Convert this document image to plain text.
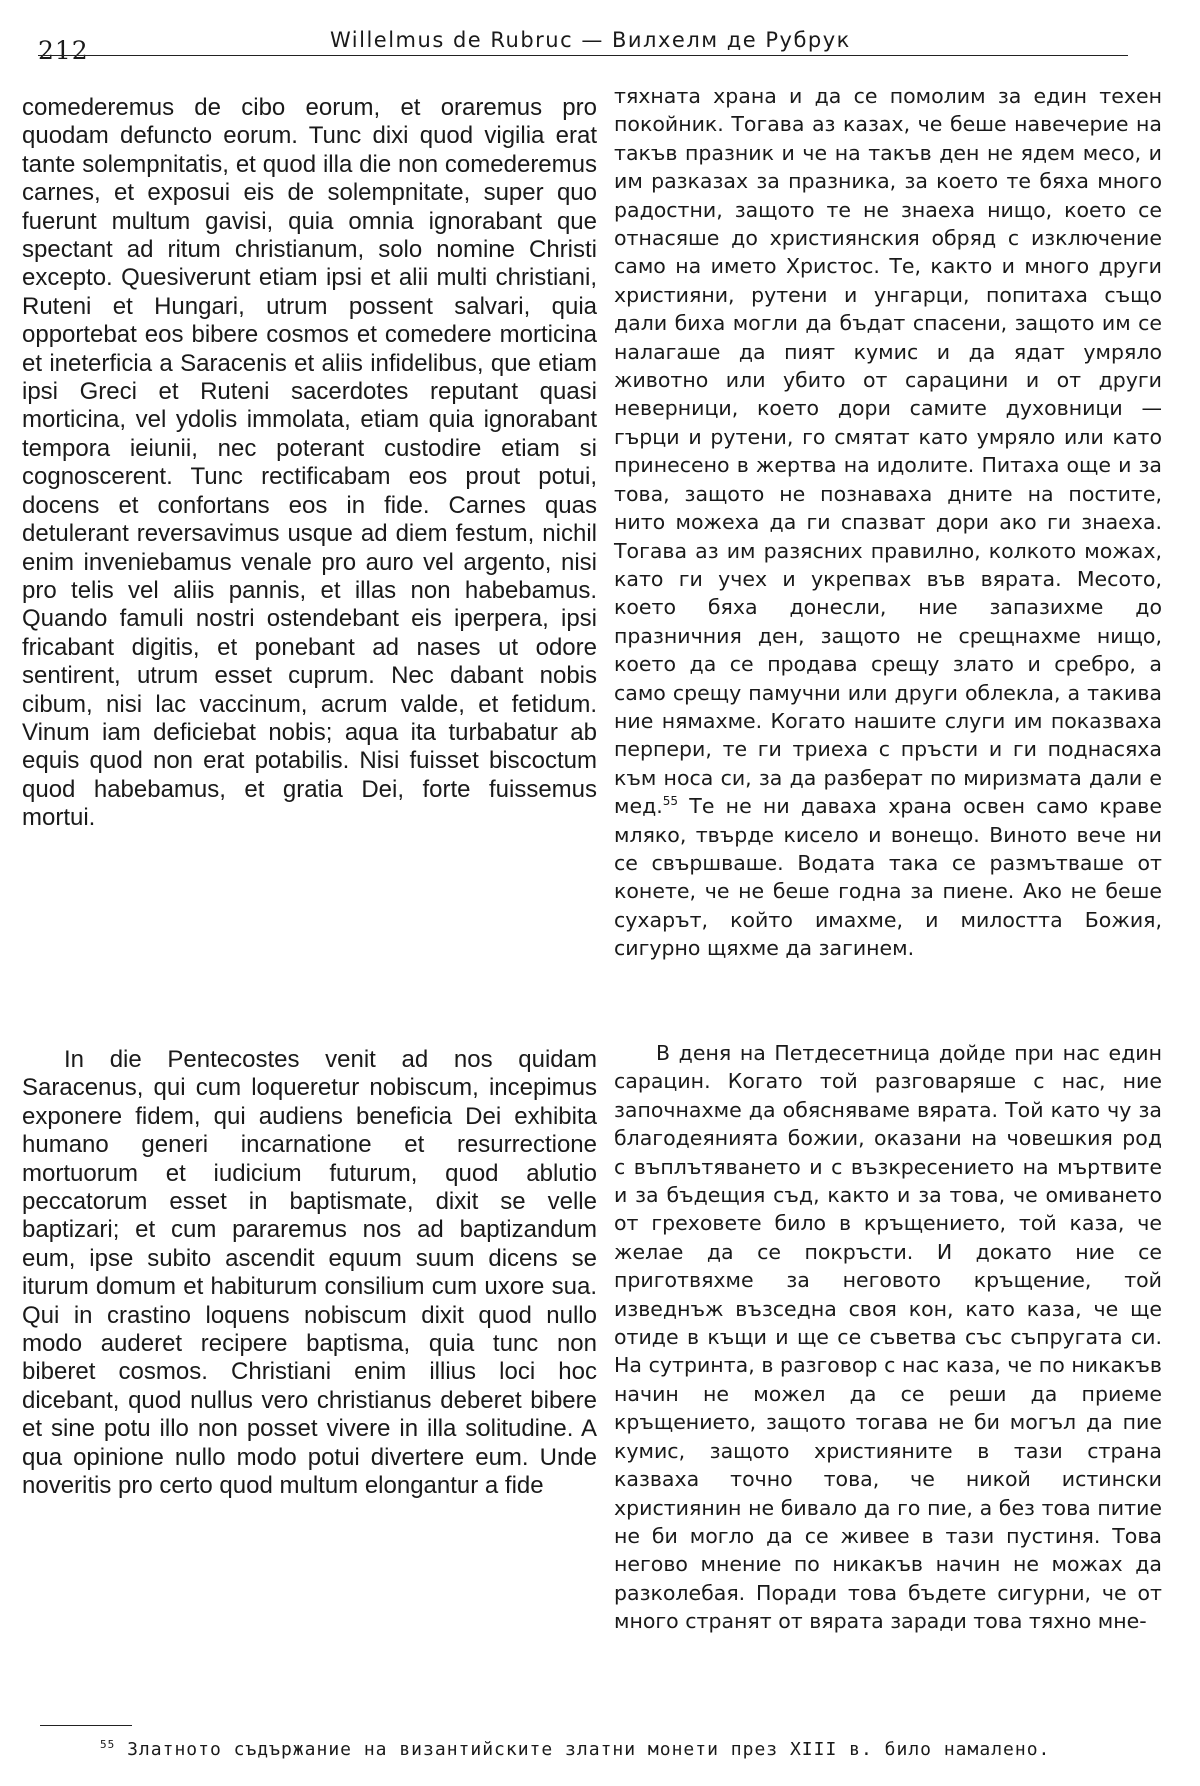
212	Willelmus de Rubruc — Вилхелм де Рубрук

comederemus de cibo eorum, et oraremus pro quodam defuncto eorum. Tunc dixi quod vigilia erat tante solempnitatis, et quod illa die non comederemus carnes, et exposui eis de solempnitate, super quo fuerunt multum gavisi, quia omnia ignorabant que spectant ad ritum christianum, solo nomine Christi excepto. Quesiverunt etiam ipsi et alii multi christiani, Ruteni et Hungari, utrum possent salvari, quia opportebat eos bibere cosmos et comedere morticina et ineterficia a Saracenis et aliis infidelibus, que etiam ipsi Greci et Ruteni sacerdotes reputant quasi morticina, vel ydolis immolata, etiam quia ignorabant tempora ieiunii, nec poterant custodire etiam si cognoscerent. Tunc rectificabam eos prout potui, docens et confortans eos in fide. Carnes quas detulerant reversavimus usque ad diem festum, nichil enim inveniebamus venale pro auro vel argento, nisi pro telis vel aliis pannis, et illas non habebamus. Quando famuli nostri ostendebant eis iperpera, ipsi fricabant digitis, et ponebant ad nases ut odore sentirent, utrum esset cuprum. Nec dabant nobis cibum, nisi lac vaccinum, acrum valde, et fetidum. Vinum iam deficiebat nobis; aqua ita turbabatur ab equis quod non erat potabilis. Nisi fuisset biscoctum quod habebamus, et gratia Dei, forte fuissemus mortui.

In die Pentecostes venit ad nos quidam Saracenus, qui cum loqueretur nobiscum, incepimus exponere fidem, qui audiens beneficia Dei exhibita humano generi incarnatione et resurrectione mortuorum et iudicium futurum, quod ablutio peccatorum esset in baptismate, dixit se velle baptizari; et cum pararemus nos ad baptizandum eum, ipse subito ascendit equum suum dicens se iturum domum et habiturum consilium cum uxore sua. Qui in crastino loquens nobiscum dixit quod nullo modo auderet recipere baptisma, quia tunc non biberet cosmos. Christiani enim illius loci hoc dicebant, quod nullus vero christianus deberet bibere et sine potu illo non posset vivere in illa solitudine. A qua opinione nullo modo potui divertere eum. Unde noveritis pro certo quod multum elongantur a fide

тяхната храна и да се помолим за един техен покойник. Тогава аз казах, че беше навечерие на такъв празник и че на такъв ден не ядем месо, и им разказах за празника, за което те бяха много радостни, защото те не знаеха нищо, което се отнасяше до християнския обряд с изключение само на името Христос. Те, както и много други християни, рутени и унгарци, попитаха също дали биха могли да бъдат спасени, защото им се налагаше да пият кумис и да ядат умряло животно или убито от сарацини и от други неверници, което дори самите духовници — гърци и рутени, го смятат като умряло или като принесено в жертва на идолите. Питаха още и за това, защото не познаваха дните на постите, нито можеха да ги спазват дори ако ги знаеха. Тогава аз им разясних правилно, колкото можах, като ги учех и укрепвах във вярата. Месото, което бяха донесли, ние запазихме до празничния ден, защото не срещнахме нищо, което да се продава срещу злато и сребро, а само срещу памучни или други облекла, а такива ние нямахме. Когато нашите слуги им показваха перпери, те ги триеха с пръсти и ги поднасяха към носа си, за да разберат по миризмата дали е мед.$^{55}$ Те не ни даваха храна освен само краве мляко, твърде кисело и вонещо. Виното вече ни се свършваше. Водата така се размътваше от конете, че не беше годна за пиене. Ако не беше сухарът, който имахме, и милостта Божия, сигурно щяхме да загинем.

В деня на Петдесетница дойде при нас един сарацин. Когато той разговаряше с нас, ние започнахме да обясняваме вярата. Той като чу за благодеянията божии, оказани на човешкия род с въплътяването и с възкресението на мъртвите и за бъдещия съд, както и за това, че омиването от греховете било в кръщението, той каза, че желае да се покръсти. И докато ние се приготвяхме за неговото кръщение, той изведнъж възседна своя кон, като каза, че ще отиде в къщи и ще се съветва със съпругата си. На сутринта, в разговор с нас каза, че по никакъв начин не можел да се реши да приеме кръщението, защото тогава не би могъл да пие кумис, защото християните в тази страна казваха точно това, че никой истински християнин не бивало да го пие, а без това питие не би могло да се живее в тази пустиня. Това негово мнение по никакъв начин не можах да разколебая. Поради това бъдете сигурни, че от много странят от вярата заради това тяхно мне-

$^{55}$ Златното съдържание на византийските златни монети през XIII в. било намалено.
